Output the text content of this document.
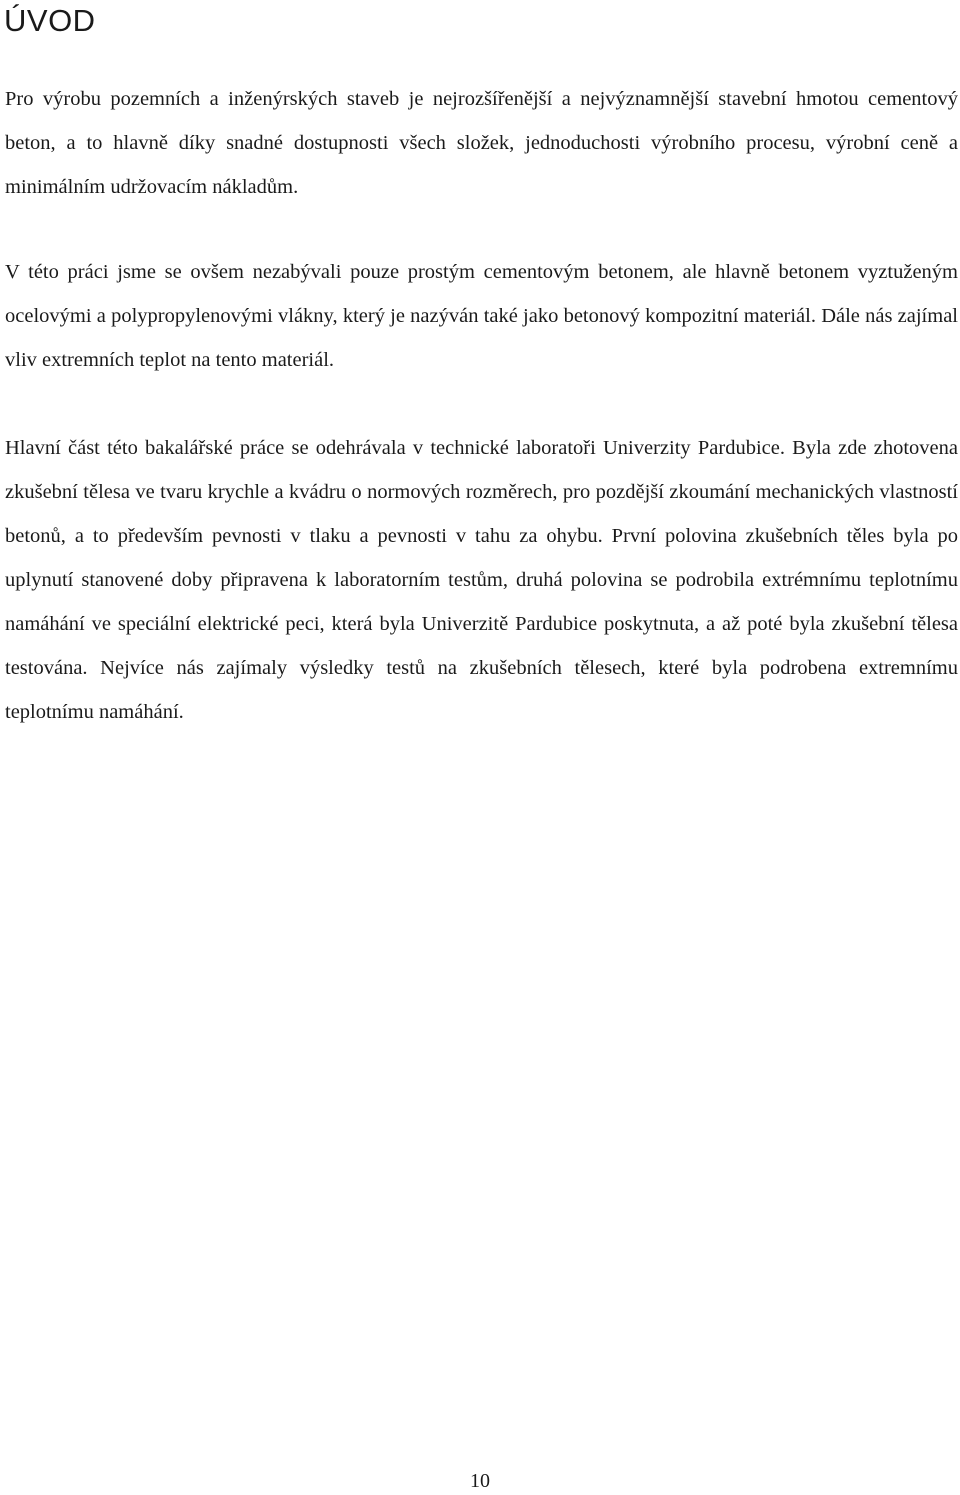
ÚVOD

Pro výrobu pozemních a inženýrských staveb je nejrozšířenější a nejvýznamnější stavební hmotou cementový beton, a to hlavně díky snadné dostupnosti všech složek, jednoduchosti výrobního procesu, výrobní ceně a minimálním udržovacím nákladům.

V této práci jsme se ovšem nezabývali pouze prostým cementovým betonem, ale hlavně betonem vyztuženým ocelovými a polypropylenovými vlákny, který je nazýván také jako betonový kompozitní materiál. Dále nás zajímal vliv extremních teplot na tento materiál.

Hlavní část této bakalářské práce se odehrávala v technické laboratoři Univerzity Pardubice. Byla zde zhotovena zkušební tělesa ve tvaru krychle a kvádru o normových rozměrech, pro pozdější zkoumání mechanických vlastností betonů, a to především pevnosti v tlaku a pevnosti v tahu za ohybu. První polovina zkušebních těles byla po uplynutí stanovené doby připravena k laboratorním testům, druhá polovina se podrobila extrémnímu teplotnímu namáhání ve speciální elektrické peci, která byla Univerzitě Pardubice poskytnuta, a až poté byla zkušební tělesa testována. Nejvíce nás zajímaly výsledky testů na zkušebních tělesech, které byla podrobena extremnímu teplotnímu namáhání.

10
